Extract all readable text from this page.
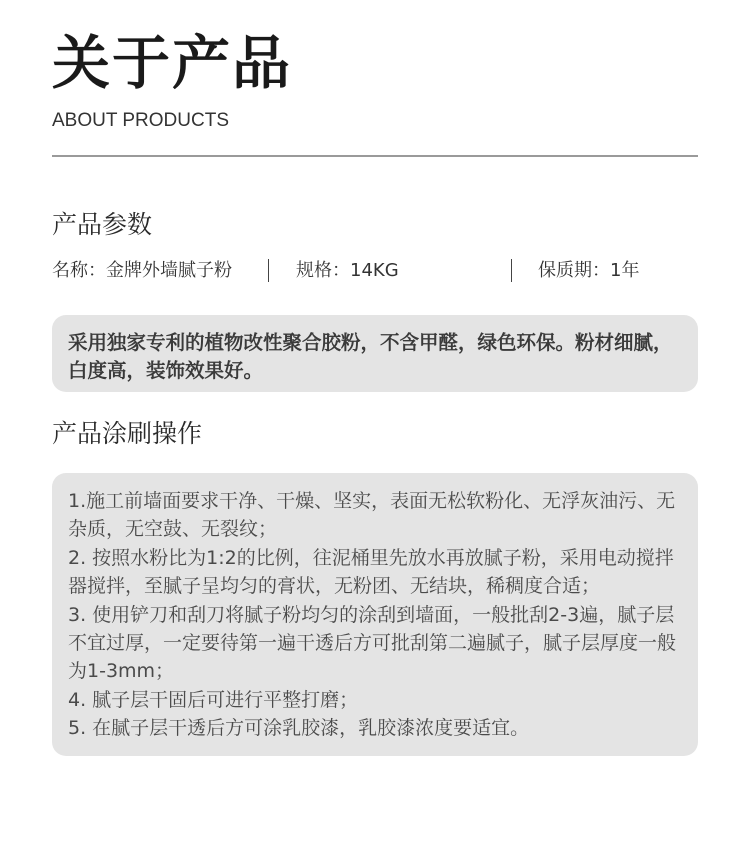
关于产品
ABOUT PRODUCTS
产品参数
名称：金牌外墙腻子粉	规格：14KG	保质期：1年
采用独家专利的植物改性聚合胶粉，不含甲醛，绿色环保。粉材细腻，白度高，装饰效果好。
产品涂刷操作
1.施工前墙面要求干净、干燥、坚实，表面无松软粉化、无浮灰油污、无杂质，无空鼓、无裂纹；
2. 按照水粉比为1:2的比例，往泥桶里先放水再放腻子粉，采用电动搅拌器搅拌，至腻子呈均匀的膏状，无粉团、无结块，稀稠度合适；
3. 使用铲刀和刮刀将腻子粉均匀的涂刮到墙面，一般批刮2-3遍，腻子层不宜过厚，一定要待第一遍干透后方可批刮第二遍腻子，腻子层厚度一般为1-3mm；
4. 腻子层干固后可进行平整打磨；
5. 在腻子层干透后方可涂乳胶漆，乳胶漆浓度要适宜。
